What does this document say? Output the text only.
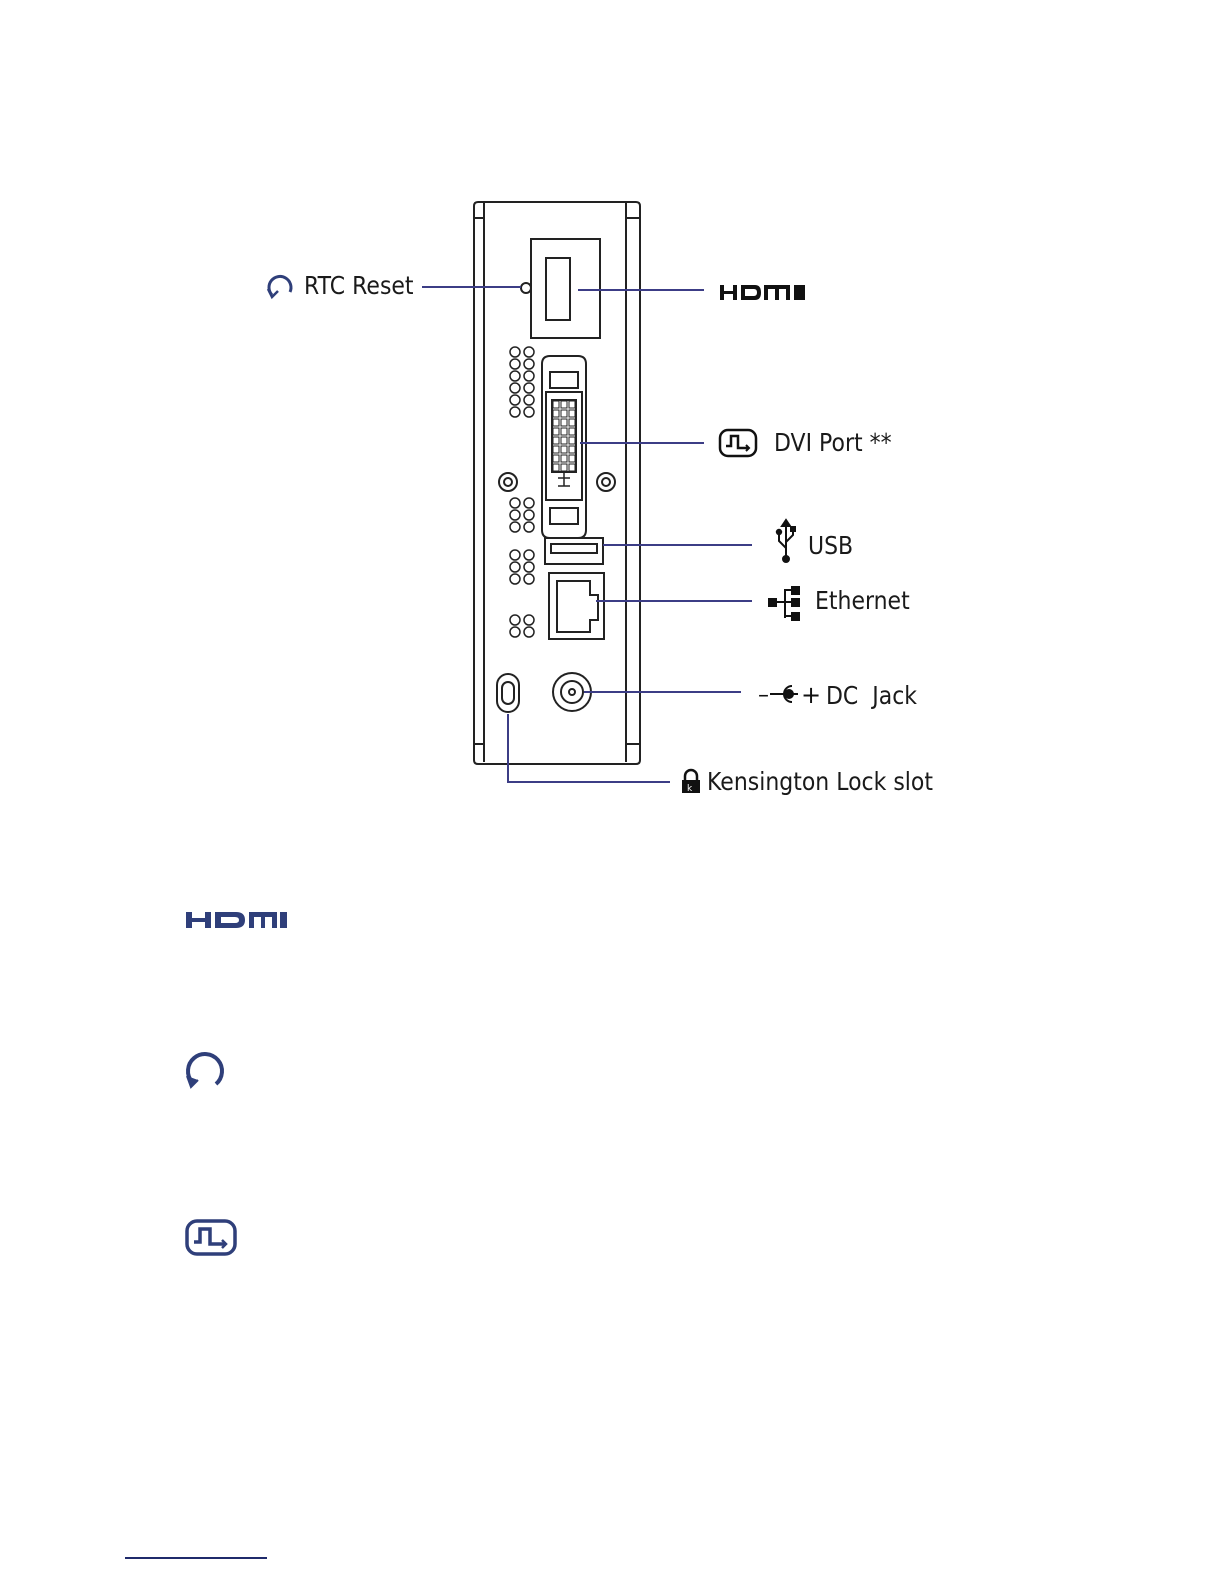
RTC Reset
DVI Port **
USB
Ethernet
– + DC  Jack
k Kensington Lock slot
